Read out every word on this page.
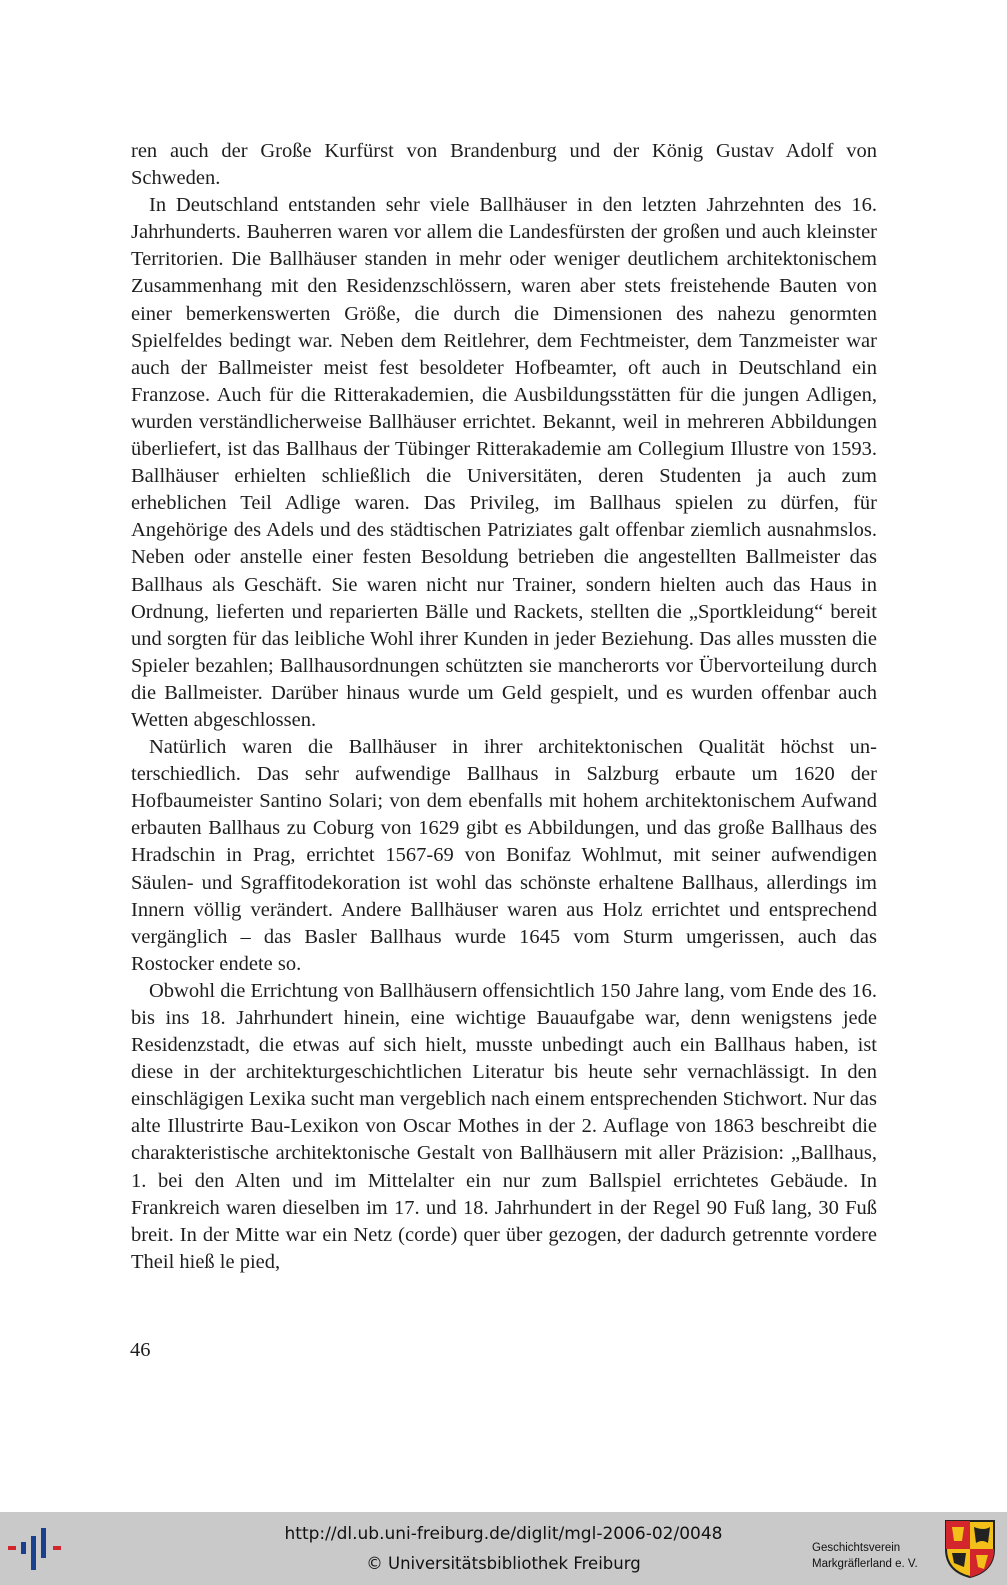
ren auch der Große Kurfürst von Brandenburg und der König Gustav Adolf von Schweden.

In Deutschland entstanden sehr viele Ballhäuser in den letzten Jahrzehnten des 16. Jahrhunderts. Bauherren waren vor allem die Landesfürsten der großen und auch kleinster Territorien. Die Ballhäuser standen in mehr oder weniger deutlichem architektonischem Zusammenhang mit den Residenzschlössern, waren aber stets freistehende Bauten von einer bemerkenswerten Größe, die durch die Dimensionen des nahezu genormten Spielfeldes bedingt war. Neben dem Reitlehrer, dem Fechtmeister, dem Tanzmeister war auch der Ballmeister meist fest besoldeter Hofbeamter, oft auch in Deutschland ein Franzose. Auch für die Ritterakademien, die Ausbildungsstätten für die jungen Adligen, wurden verständlicherweise Ballhäuser errichtet. Bekannt, weil in mehreren Abbildungen überliefert, ist das Ballhaus der Tübinger Ritterakademie am Collegium Illustre von 1593. Ballhäuser erhielten schließlich die Universitäten, deren Studenten ja auch zum erheblichen Teil Adlige waren. Das Privileg, im Ballhaus spielen zu dürfen, für Angehörige des Adels und des städtischen Patriziates galt offenbar ziemlich ausnahmslos. Neben oder anstelle einer festen Besoldung betrieben die angestellten Ballmeister das Ballhaus als Geschäft. Sie waren nicht nur Trainer, sondern hielten auch das Haus in Ordnung, lieferten und reparierten Bälle und Rackets, stellten die „Sportkleidung“ bereit und sorgten für das leibliche Wohl ihrer Kunden in jeder Beziehung. Das alles mussten die Spieler bezahlen; Ballhausordnungen schützten sie mancherorts vor Übervorteilung durch die Ballmeister. Darüber hinaus wurde um Geld gespielt, und es wurden offenbar auch Wetten abgeschlossen.

Natürlich waren die Ballhäuser in ihrer architektonischen Qualität höchst unterschiedlich. Das sehr aufwendige Ballhaus in Salzburg erbaute um 1620 der Hofbaumeister Santino Solari; von dem ebenfalls mit hohem architektonischem Aufwand erbauten Ballhaus zu Coburg von 1629 gibt es Abbildungen, und das große Ballhaus des Hradschin in Prag, errichtet 1567-69 von Bonifaz Wohlmut, mit seiner aufwendigen Säulen- und Sgraffitodekoration ist wohl das schönste erhaltene Ballhaus, allerdings im Innern völlig verändert. Andere Ballhäuser waren aus Holz errichtet und entsprechend vergänglich – das Basler Ballhaus wurde 1645 vom Sturm umgerissen, auch das Rostocker endete so.

Obwohl die Errichtung von Ballhäusern offensichtlich 150 Jahre lang, vom Ende des 16. bis ins 18. Jahrhundert hinein, eine wichtige Bauaufgabe war, denn wenigstens jede Residenzstadt, die etwas auf sich hielt, musste unbedingt auch ein Ballhaus haben, ist diese in der architekturgeschichtlichen Literatur bis heute sehr vernachlässigt. In den einschlägigen Lexika sucht man vergeblich nach einem entsprechenden Stichwort. Nur das alte Illustrirte Bau-Lexikon von Oscar Mothes in der 2. Auflage von 1863 beschreibt die charakteristische architektonische Gestalt von Ballhäusern mit aller Präzision: „Ballhaus, 1. bei den Alten und im Mittelalter ein nur zum Ballspiel errichtetes Gebäude. In Frankreich waren dieselben im 17. und 18. Jahrhundert in der Regel 90 Fuß lang, 30 Fuß breit. In der Mitte war ein Netz (corde) quer über gezogen, der dadurch getrennte vordere Theil hieß le pied,

46
http://dl.ub.uni-freiburg.de/diglit/mgl-2006-02/0048
© Universitätsbibliothek Freiburg
Geschichtsverein
Markgräflerland e. V.
